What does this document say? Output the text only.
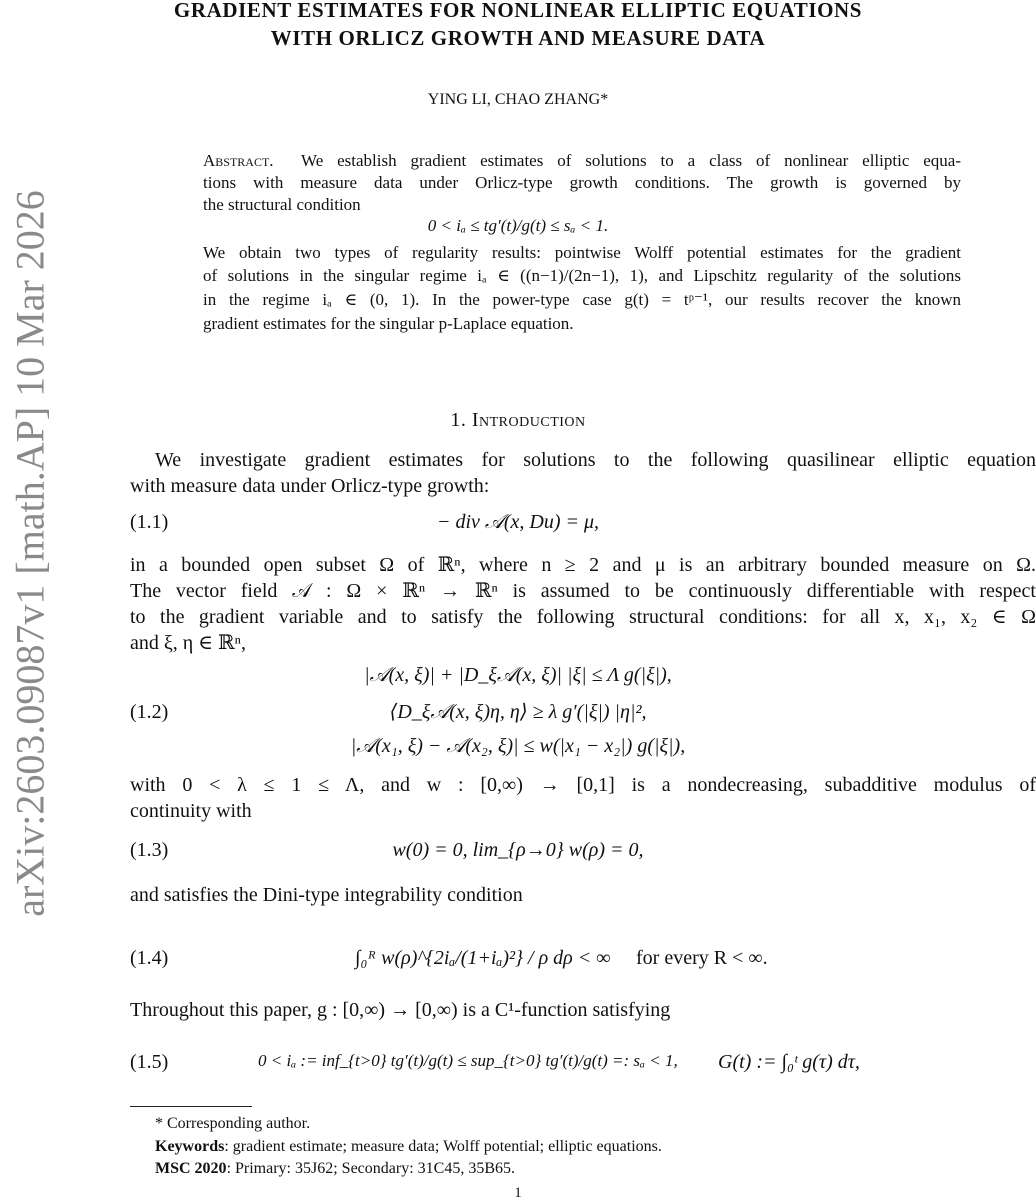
arXiv:2603.09087v1 [math.AP] 10 Mar 2026
GRADIENT ESTIMATES FOR NONLINEAR ELLIPTIC EQUATIONS
WITH ORLICZ GROWTH AND MEASURE DATA
YING LI, CHAO ZHANG*
Abstract. We establish gradient estimates of solutions to a class of nonlinear elliptic equa-
tions with measure data under Orlicz-type growth conditions. The growth is governed by
the structural condition
0 < iₐ ≤ tg′(t)/g(t) ≤ sₐ < 1.
We obtain two types of regularity results: pointwise Wolff potential estimates for the gradient
of solutions in the singular regime iₐ ∈ ((n−1)/(2n−1), 1), and Lipschitz regularity of the solutions
in the regime iₐ ∈ (0, 1). In the power-type case g(t) = tᵖ⁻¹, our results recover the known
gradient estimates for the singular p-Laplace equation.
1. Introduction
We investigate gradient estimates for solutions to the following quasilinear elliptic equation
with measure data under Orlicz-type growth:
(1.1)	− div 𝒜(x, Du) = μ,
in a bounded open subset Ω of ℝⁿ, where n ≥ 2 and μ is an arbitrary bounded measure on Ω.
The vector field 𝒜 : Ω × ℝⁿ → ℝⁿ is assumed to be continuously differentiable with respect
to the gradient variable and to satisfy the following structural conditions: for all x, x₁, x₂ ∈ Ω
and ξ, η ∈ ℝⁿ,
|𝒜(x, ξ)| + |D_ξ𝒜(x, ξ)| |ξ| ≤ Λ g(|ξ|),
(1.2)	⟨D_ξ𝒜(x, ξ)η, η⟩ ≥ λ g′(|ξ|) |η|²,
|𝒜(x₁, ξ) − 𝒜(x₂, ξ)| ≤ w(|x₁ − x₂|) g(|ξ|),
with 0 < λ ≤ 1 ≤ Λ, and w : [0,∞) → [0,1] is a nondecreasing, subadditive modulus of
continuity with
(1.3)	w(0) = 0, lim_{ρ→0} w(ρ) = 0,
and satisfies the Dini-type integrability condition
(1.4)	∫₀ᴿ w(ρ)^{2iₐ/(1+iₐ)²} / ρ dρ < ∞ for every R < ∞.
Throughout this paper, g : [0,∞) → [0,∞) is a C¹-function satisfying
(1.5)	0 < iₐ := inf_{t>0} tg′(t)/g(t) ≤ sup_{t>0} tg′(t)/g(t) =: sₐ < 1, G(t) := ∫₀ᵗ g(τ) dτ,
* Corresponding author.
Keywords: gradient estimate; measure data; Wolff potential; elliptic equations.
MSC 2020: Primary: 35J62; Secondary: 31C45, 35B65.
1
